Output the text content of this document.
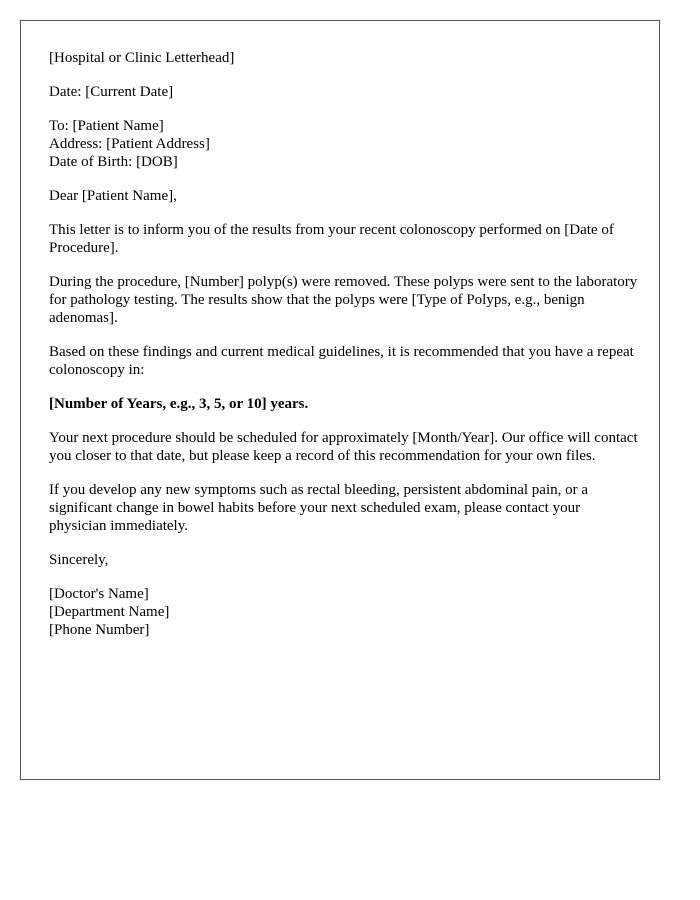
[Hospital or Clinic Letterhead]

Date: [Current Date]

To: [Patient Name]
Address: [Patient Address]
Date of Birth: [DOB]

Dear [Patient Name],

This letter is to inform you of the results from your recent colonoscopy performed on [Date of Procedure].

During the procedure, [Number] polyp(s) were removed. These polyps were sent to the laboratory for pathology testing. The results show that the polyps were [Type of Polyps, e.g., benign adenomas].

Based on these findings and current medical guidelines, it is recommended that you have a repeat colonoscopy in:

[Number of Years, e.g., 3, 5, or 10] years.

Your next procedure should be scheduled for approximately [Month/Year]. Our office will contact you closer to that date, but please keep a record of this recommendation for your own files.

If you develop any new symptoms such as rectal bleeding, persistent abdominal pain, or a significant change in bowel habits before your next scheduled exam, please contact your physician immediately.

Sincerely,

[Doctor's Name]
[Department Name]
[Phone Number]
